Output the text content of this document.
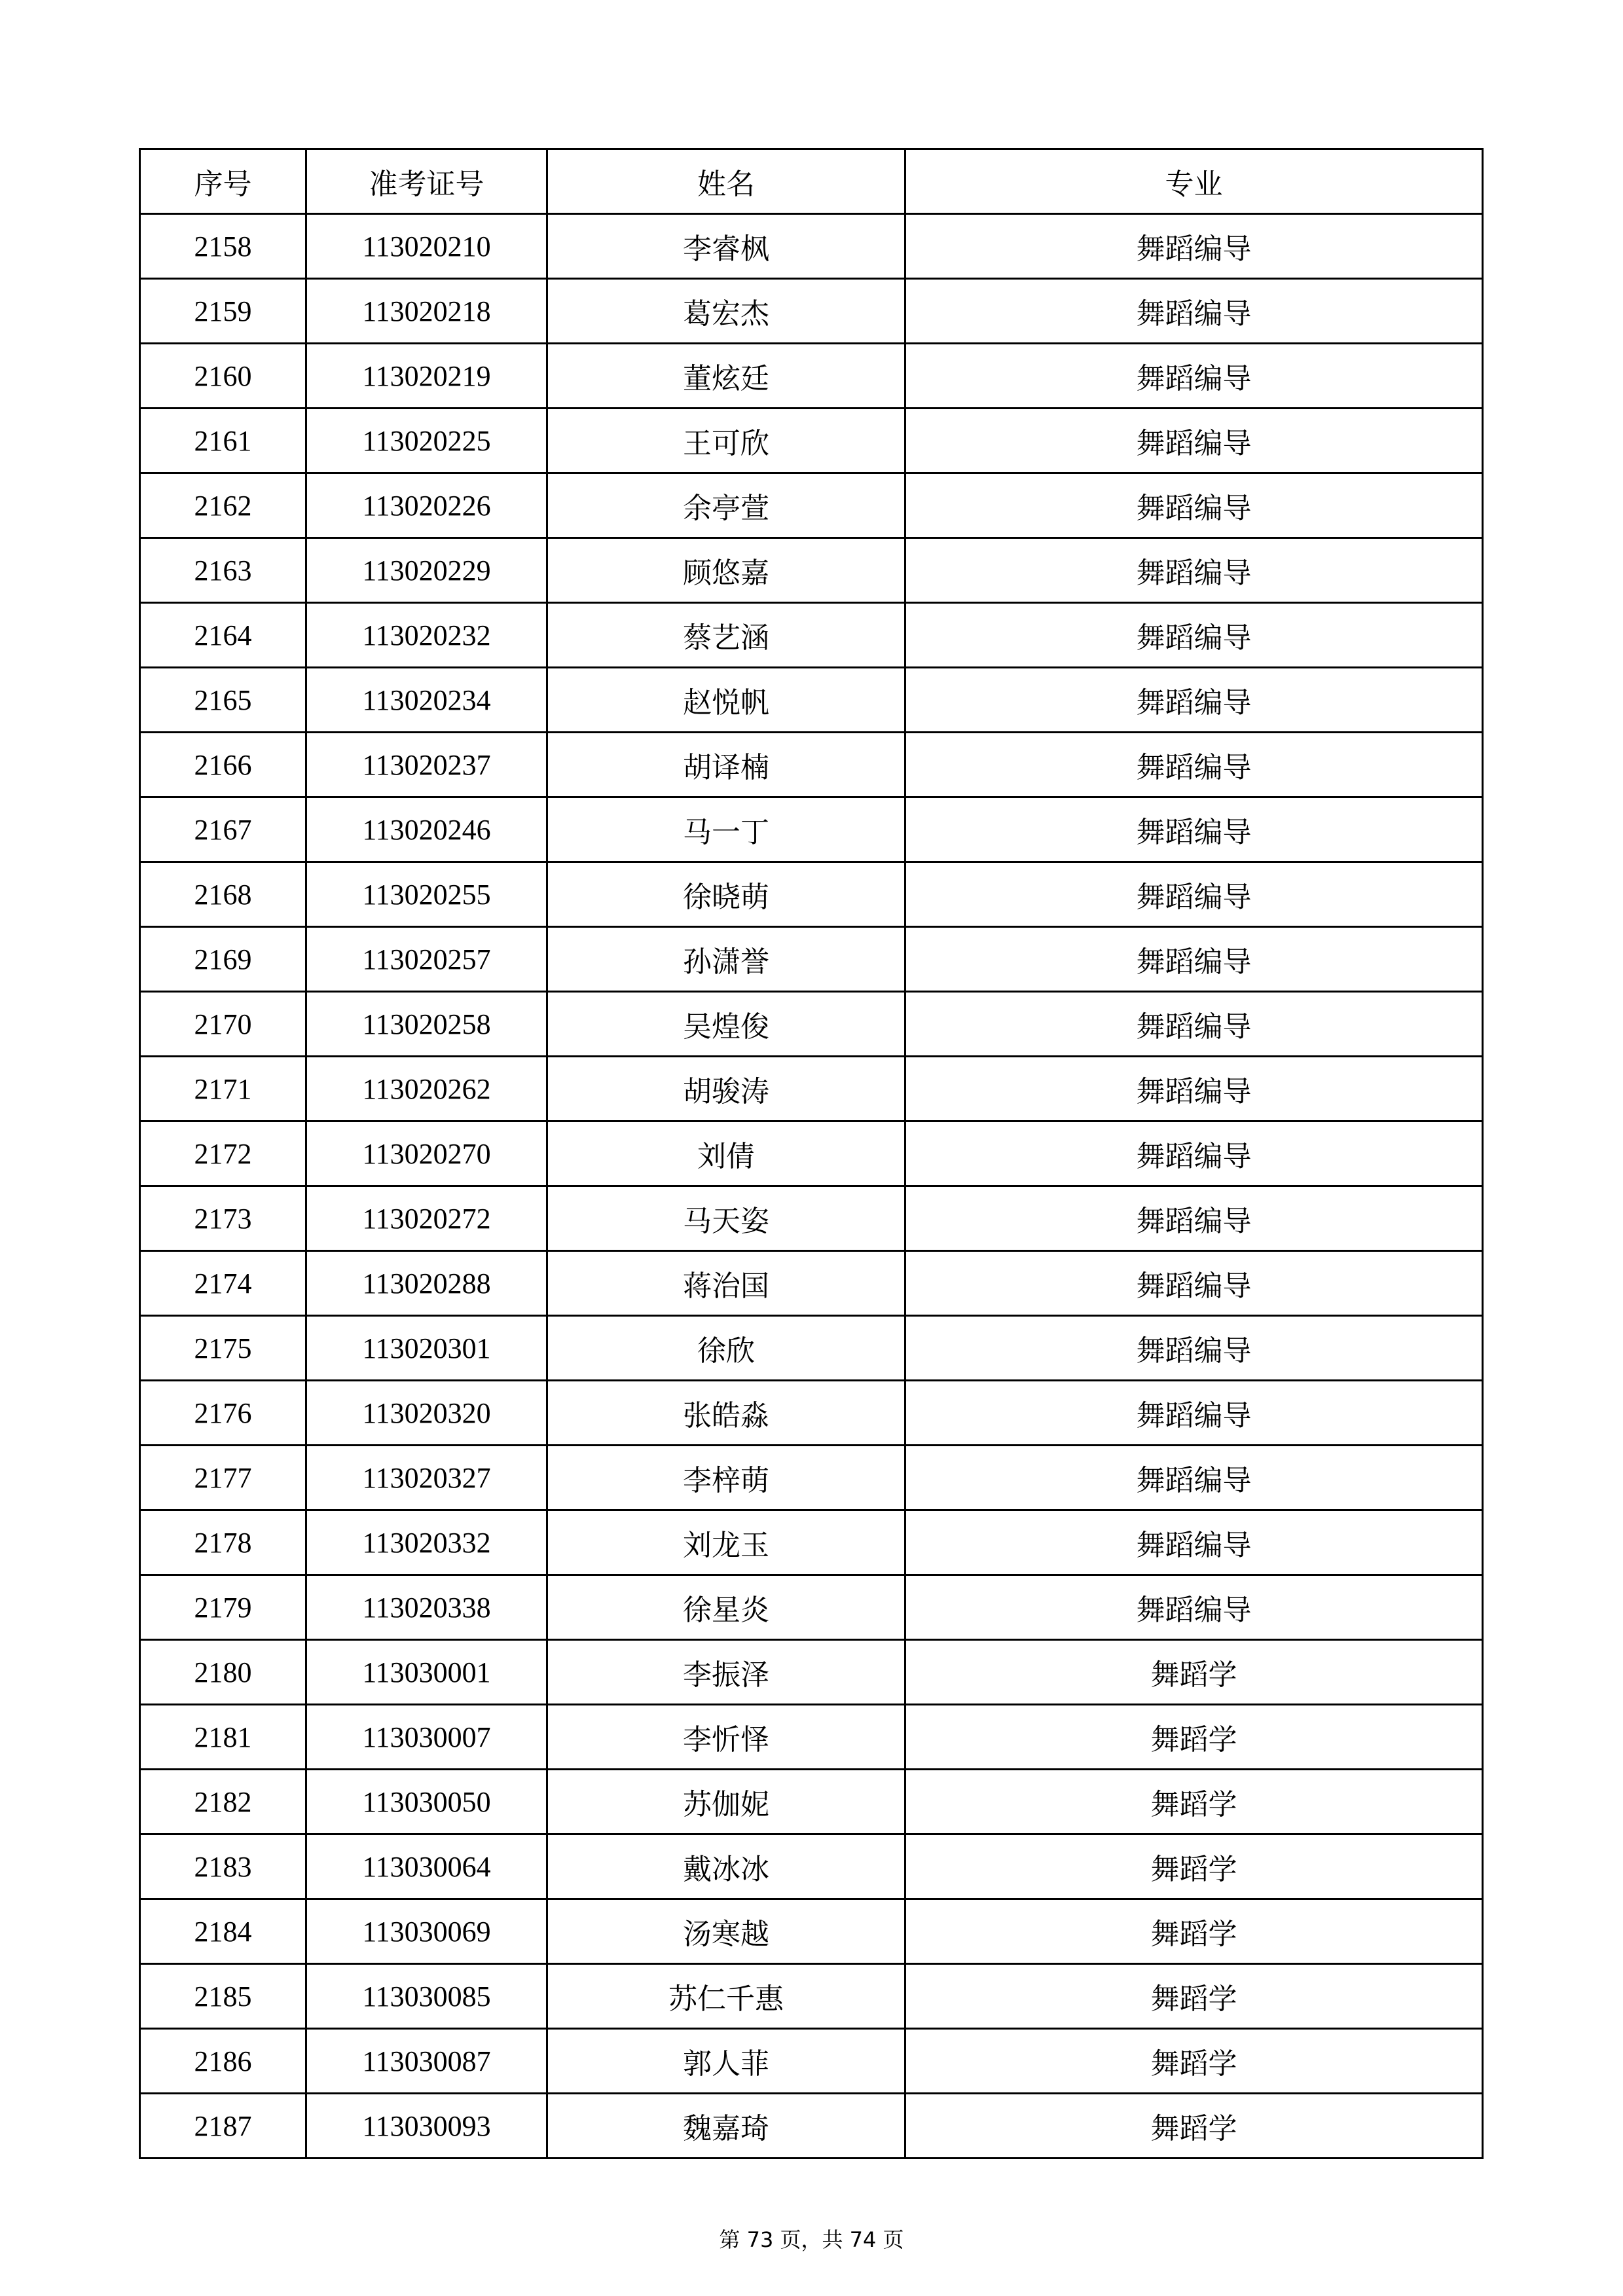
序号	准考证号	姓名	专业
2158	113020210	李睿枫	舞蹈编导
2159	113020218	葛宏杰	舞蹈编导
2160	113020219	董炫廷	舞蹈编导
2161	113020225	王可欣	舞蹈编导
2162	113020226	余亭萱	舞蹈编导
2163	113020229	顾悠嘉	舞蹈编导
2164	113020232	蔡艺涵	舞蹈编导
2165	113020234	赵悦帆	舞蹈编导
2166	113020237	胡译楠	舞蹈编导
2167	113020246	马一丁	舞蹈编导
2168	113020255	徐晓萌	舞蹈编导
2169	113020257	孙潇誉	舞蹈编导
2170	113020258	吴煌俊	舞蹈编导
2171	113020262	胡骏涛	舞蹈编导
2172	113020270	刘倩	舞蹈编导
2173	113020272	马天姿	舞蹈编导
2174	113020288	蒋治国	舞蹈编导
2175	113020301	徐欣	舞蹈编导
2176	113020320	张皓淼	舞蹈编导
2177	113020327	李梓萌	舞蹈编导
2178	113020332	刘龙玉	舞蹈编导
2179	113020338	徐星炎	舞蹈编导
2180	113030001	李振泽	舞蹈学
2181	113030007	李忻怿	舞蹈学
2182	113030050	苏伽妮	舞蹈学
2183	113030064	戴冰冰	舞蹈学
2184	113030069	汤寒越	舞蹈学
2185	113030085	苏仁千惠	舞蹈学
2186	113030087	郭人菲	舞蹈学
2187	113030093	魏嘉琦	舞蹈学
第 73 页，共 74 页
